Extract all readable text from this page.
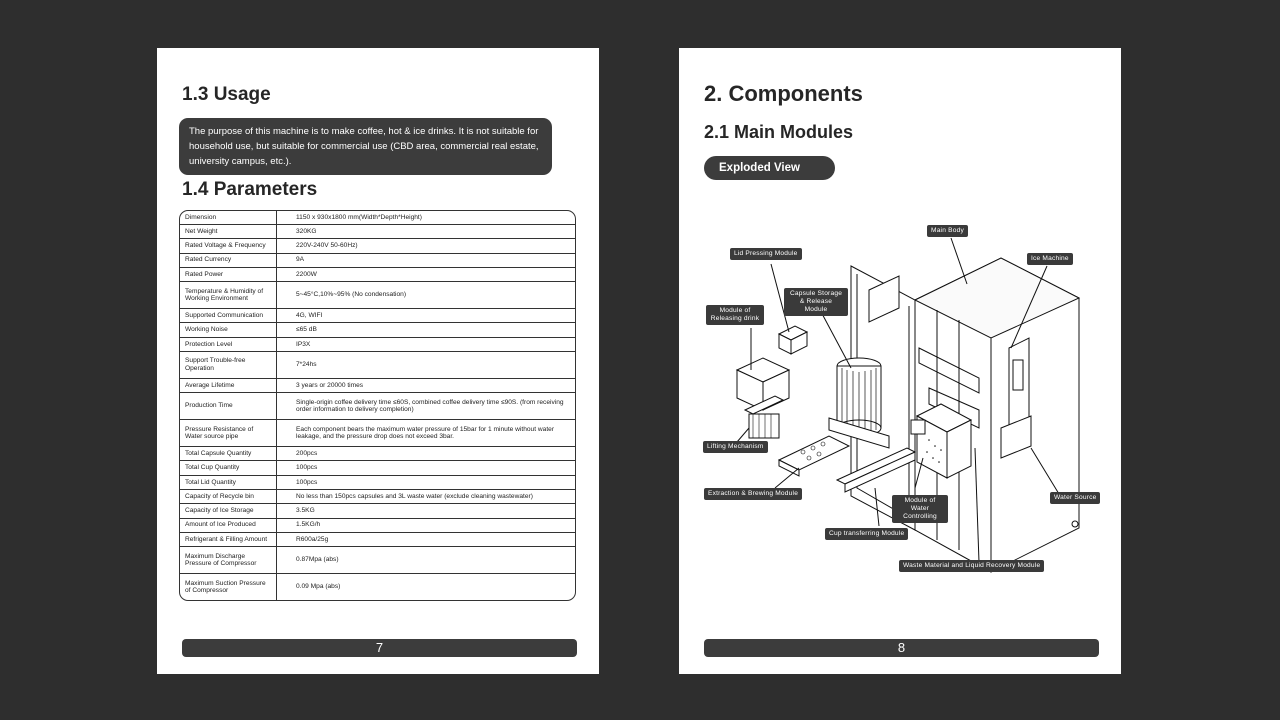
1.3 Usage
The purpose of this machine is to make coffee, hot & ice drinks. It is not suitable for household use, but suitable for commercial use (CBD area, commercial real estate, university campus, etc.).
1.4 Parameters
Dimension	1150 x 930x1800 mm(Width*Depth*Height)
Net Weight	320KG
Rated Voltage & Frequency	220V-240V 50-60Hz)
Rated Currency	9A
Rated Power	2200W
Temperature & Humidity of Working Environment	5~45°C,10%~95% (No condensation)
Supported Communication	4G, WIFI
Working Noise	≤65 dB
Protection Level	IP3X
Support Trouble-free Operation	7*24hs
Average Lifetime	3 years or 20000 times
Production Time	Single-origin coffee delivery time ≤60S, combined coffee delivery time ≤90S. (from receiving order information to delivery completion)
Pressure Resistance of Water source pipe	Each component bears the maximum water pressure of 15bar for 1 minute without water leakage, and the pressure drop does not exceed 3bar.
Total Capsule Quantity	200pcs
Total Cup Quantity	100pcs
Total Lid Quantity	100pcs
Capacity of Recycle bin	No less than 150pcs capsules and 3L waste water (exclude cleaning wastewater)
Capacity of Ice Storage	3.5KG
Amount of Ice Produced	1.5KG/h
Refrigerant & Filling Amount	R600a/25g
Maximum Discharge Pressure of Compressor	0.87Mpa (abs)
Maximum Suction Pressure of Compressor	0.09 Mpa (abs)
7
2. Components
2.1 Main Modules
Exploded View
Main Body
Ice Machine
Lid Pressing Module
Capsule Storage & Release Module
Module of Releasing drink
Lifting Mechanism
Extraction & Brewing Module
Module of Water Controlling
Cup transferring Module
Water Source
Waste Material and Liquid Recovery Module
8
